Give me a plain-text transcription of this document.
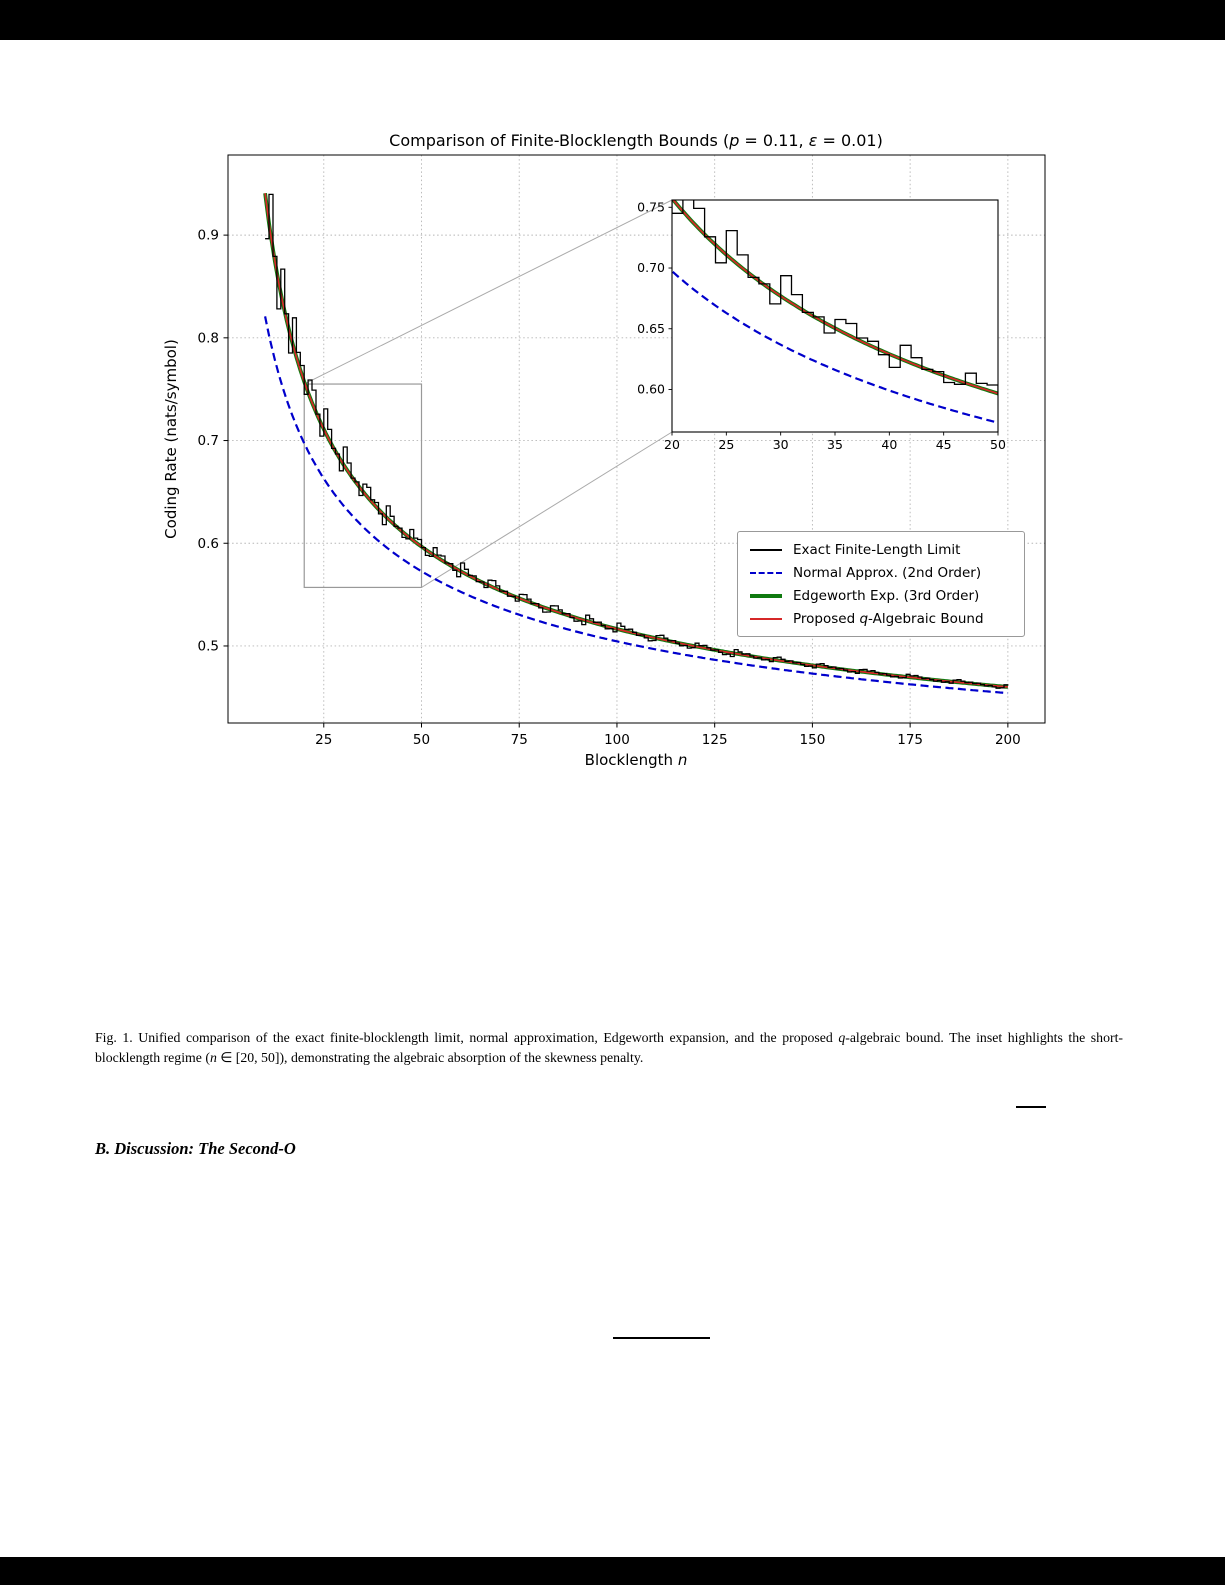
20	25	30	35	40	45	50
0.60
0.65
0.70
0.75
25	50	75	100	125	150	175	200
0.5
0.6
0.7
0.8
0.9
Comparison of Finite-Blocklength Bounds (p = 0.11, ε = 0.01)
Blocklength n
Coding Rate (nats/symbol)
Exact Finite-Length Limit
Normal Approx. (2nd Order)
Edgeworth Exp. (3rd Order)
Proposed q-Algebraic Bound

Fig. 1. Unified comparison of the exact finite-blocklength limit, normal approximation, Edgeworth expansion, and the proposed q-algebraic bound. The inset highlights the short-blocklength regime (n ∈ [20, 50]), demonstrating the algebraic absorption of the skewness penalty.

B. Discussion: The Second-O
